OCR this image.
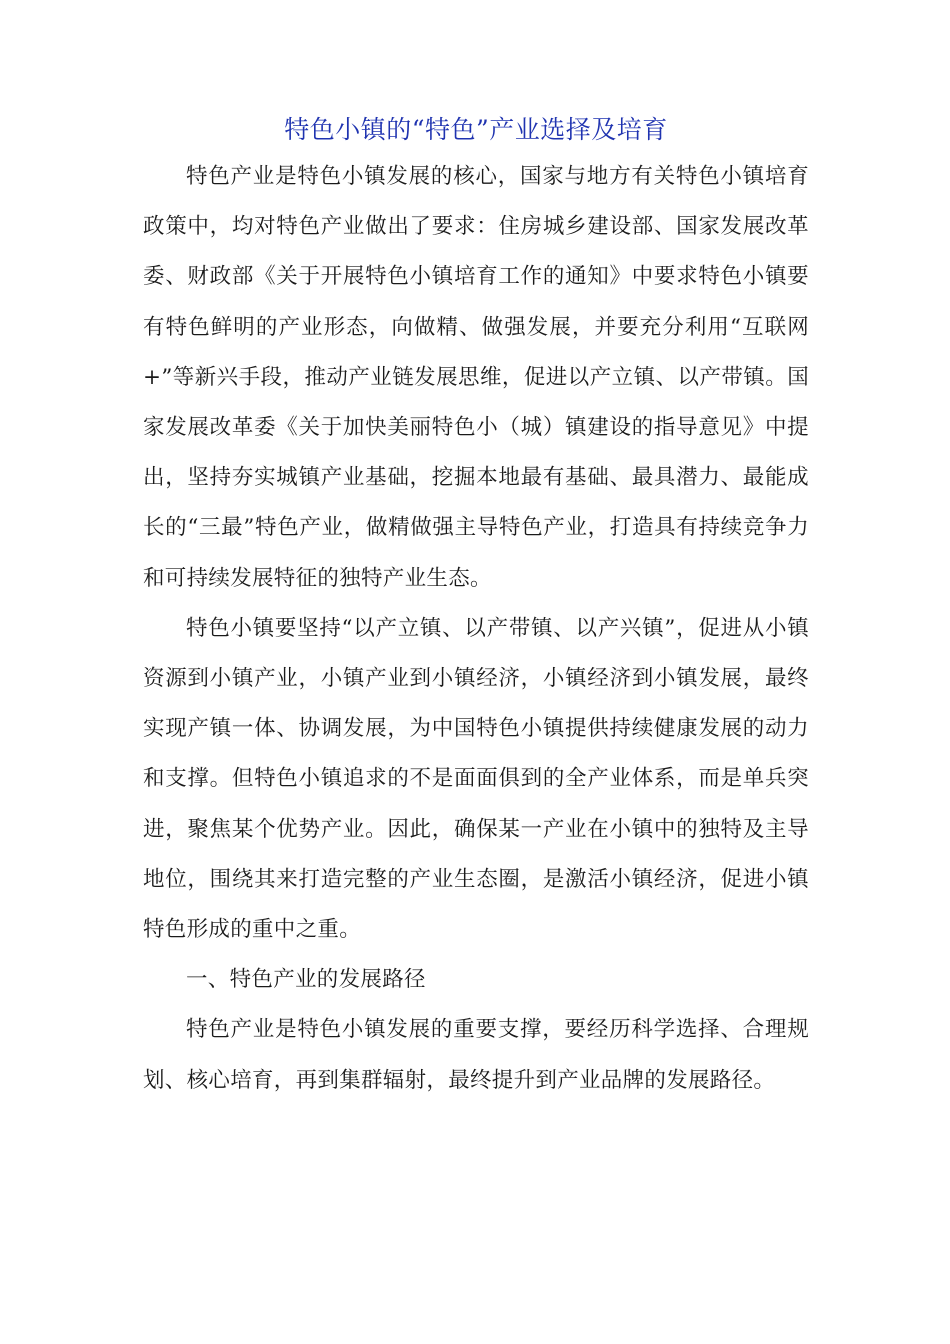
特色小镇的“特色”产业选择及培育

特色产业是特色小镇发展的核心，国家与地方有关特色小镇培育政策中，均对特色产业做出了要求：住房城乡建设部、国家发展改革委、财政部《关于开展特色小镇培育工作的通知》中要求特色小镇要有特色鲜明的产业形态，向做精、做强发展，并要充分利用“互联网+”等新兴手段，推动产业链发展思维，促进以产立镇、以产带镇。国家发展改革委《关于加快美丽特色小（城）镇建设的指导意见》中提出，坚持夯实城镇产业基础，挖掘本地最有基础、最具潜力、最能成长的“三最”特色产业，做精做强主导特色产业，打造具有持续竞争力和可持续发展特征的独特产业生态。

特色小镇要坚持“以产立镇、以产带镇、以产兴镇”，促进从小镇资源到小镇产业，小镇产业到小镇经济，小镇经济到小镇发展，最终实现产镇一体、协调发展，为中国特色小镇提供持续健康发展的动力和支撑。但特色小镇追求的不是面面俱到的全产业体系，而是单兵突进，聚焦某个优势产业。因此，确保某一产业在小镇中的独特及主导地位，围绕其来打造完整的产业生态圈，是激活小镇经济，促进小镇特色形成的重中之重。

一、特色产业的发展路径

特色产业是特色小镇发展的重要支撑，要经历科学选择、合理规划、核心培育，再到集群辐射，最终提升到产业品牌的发展路径。
